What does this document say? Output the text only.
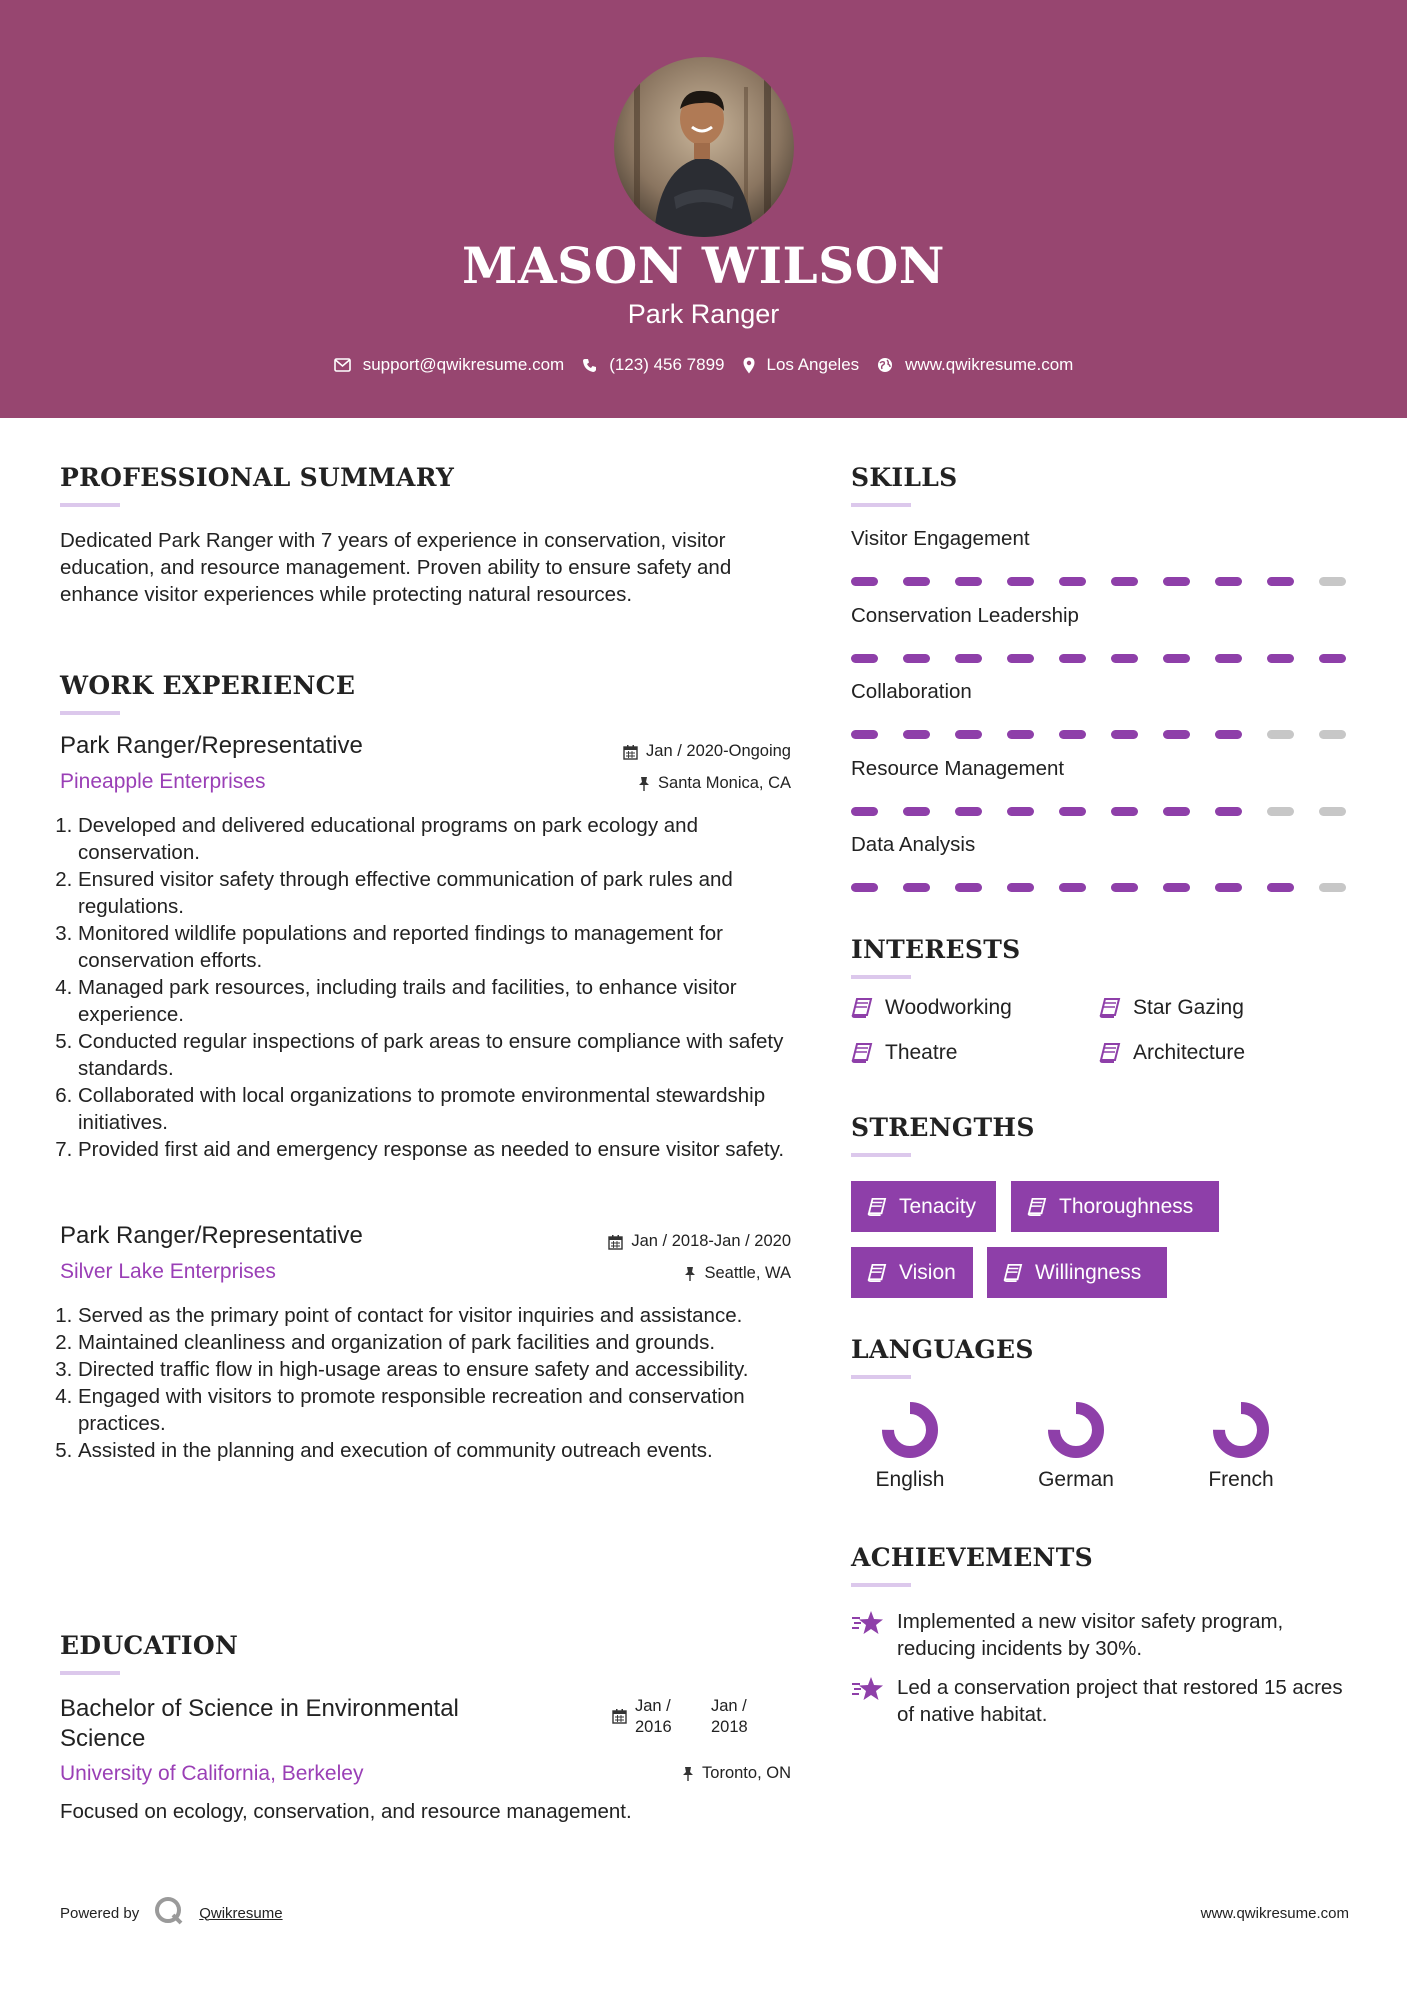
MASON WILSON
Park Ranger
support@qwikresume.com	(123) 456 7899 Los Angeles	www.qwikresume.com
PROFESSIONAL SUMMARY
Dedicated Park Ranger with 7 years of experience in conservation, visitor education, and resource management. Proven ability to ensure safety and enhance visitor experiences while protecting natural resources.
WORK EXPERIENCE
Park Ranger/Representative	Jan / 2020-Ongoing
Pineapple Enterprises	Santa Monica, CA
1. Developed and delivered educational programs on park ecology and conservation.
2. Ensured visitor safety through effective communication of park rules and regulations.
3. Monitored wildlife populations and reported findings to management for conservation efforts.
4. Managed park resources, including trails and facilities, to enhance visitor experience.
5. Conducted regular inspections of park areas to ensure compliance with safety standards.
6. Collaborated with local organizations to promote environmental stewardship initiatives.
7. Provided first aid and emergency response as needed to ensure visitor safety.
Park Ranger/Representative	Jan / 2018-Jan / 2020
Silver Lake Enterprises	Seattle, WA
1. Served as the primary point of contact for visitor inquiries and assistance.
2. Maintained cleanliness and organization of park facilities and grounds.
3. Directed traffic flow in high-usage areas to ensure safety and accessibility.
4. Engaged with visitors to promote responsible recreation and conservation practices.
5. Assisted in the planning and execution of community outreach events.
EDUCATION
Bachelor of Science in Environmental Science
Jan / 2016
Jan / 2018
University of California, Berkeley	Toronto, ON
Focused on ecology, conservation, and resource management.
SKILLS
Visitor Engagement
Conservation Leadership
Collaboration
Resource Management
Data Analysis
INTERESTS
Woodworking	Star Gazing
Theatre	Architecture
STRENGTHS
Tenacity	Thoroughness
Vision	Willingness
LANGUAGES
English	German	French
ACHIEVEMENTS
Implemented a new visitor safety program, reducing incidents by 30%.
Led a conservation project that restored 15 acres of native habitat.
Powered by	Qwikresume	www.qwikresume.com
